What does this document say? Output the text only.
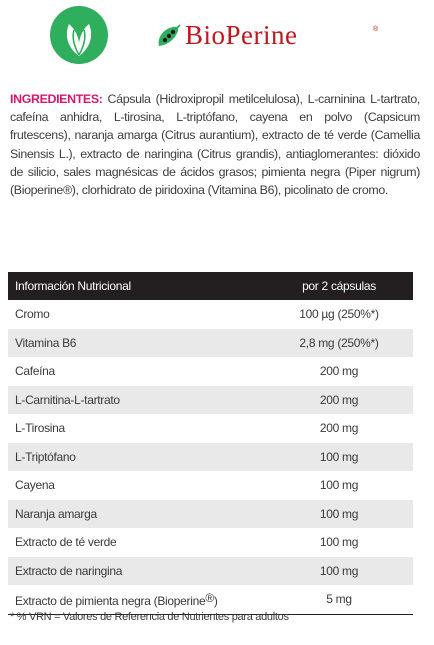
BioPerine	®
INGREDIENTES: Cápsula (Hidroxipropil metilcelulosa), L-carninina L-tartrato, cafeína anhidra, L-tirosina, L-triptófano, cayena en polvo (Capsicum frutescens), naranja amarga (Citrus aurantium), extracto de té verde (Camellia Sinensis L.), extracto de naringina (Citrus grandis), antiaglomerantes: dióxido de silicio, sales magnésicas de ácidos grasos; pimienta negra (Piper nigrum) (Bioperine®), clorhidrato de piridoxina (Vitamina B6), picolinato de cromo.
Información Nutricional	por 2 cápsulas
Cromo	100 µg (250%*)
Vitamina B6	2,8 mg (250%*)
Cafeína	200 mg
L-Carnitina-L-tartrato	200 mg
L-Tirosina	200 mg
L-Triptófano	100 mg
Cayena	100 mg
Naranja amarga	100 mg
Extracto de té verde	100 mg
Extracto de naringina	100 mg
Extracto de pimienta negra (Bioperine®)	5 mg
* % VRN = Valores de Referencia de Nutrientes para adultos
